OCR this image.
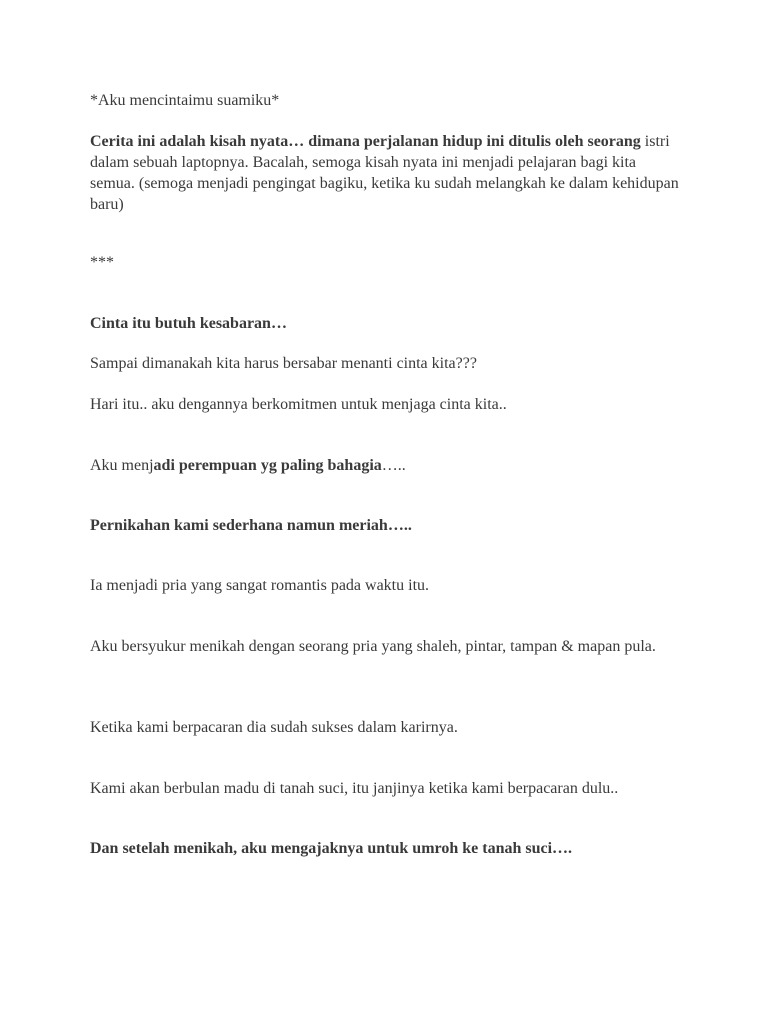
*Aku mencintaimu suamiku*
Cerita ini adalah kisah nyata… dimana perjalanan hidup ini ditulis oleh seorang istri dalam sebuah laptopnya. Bacalah, semoga kisah nyata ini menjadi pelajaran bagi kita semua. (semoga menjadi pengingat bagiku, ketika ku sudah melangkah ke dalam kehidupan baru)
***
Cinta itu butuh kesabaran…
Sampai dimanakah kita harus bersabar menanti cinta kita???
Hari itu.. aku dengannya berkomitmen untuk menjaga cinta kita..
Aku menjadi perempuan yg paling bahagia…..
Pernikahan kami sederhana namun meriah…..
Ia menjadi pria yang sangat romantis pada waktu itu.
Aku bersyukur menikah dengan seorang pria yang shaleh, pintar, tampan & mapan pula.
Ketika kami berpacaran dia sudah sukses dalam karirnya.
Kami akan berbulan madu di tanah suci, itu janjinya ketika kami berpacaran dulu..
Dan setelah menikah, aku mengajaknya untuk umroh ke tanah suci….
